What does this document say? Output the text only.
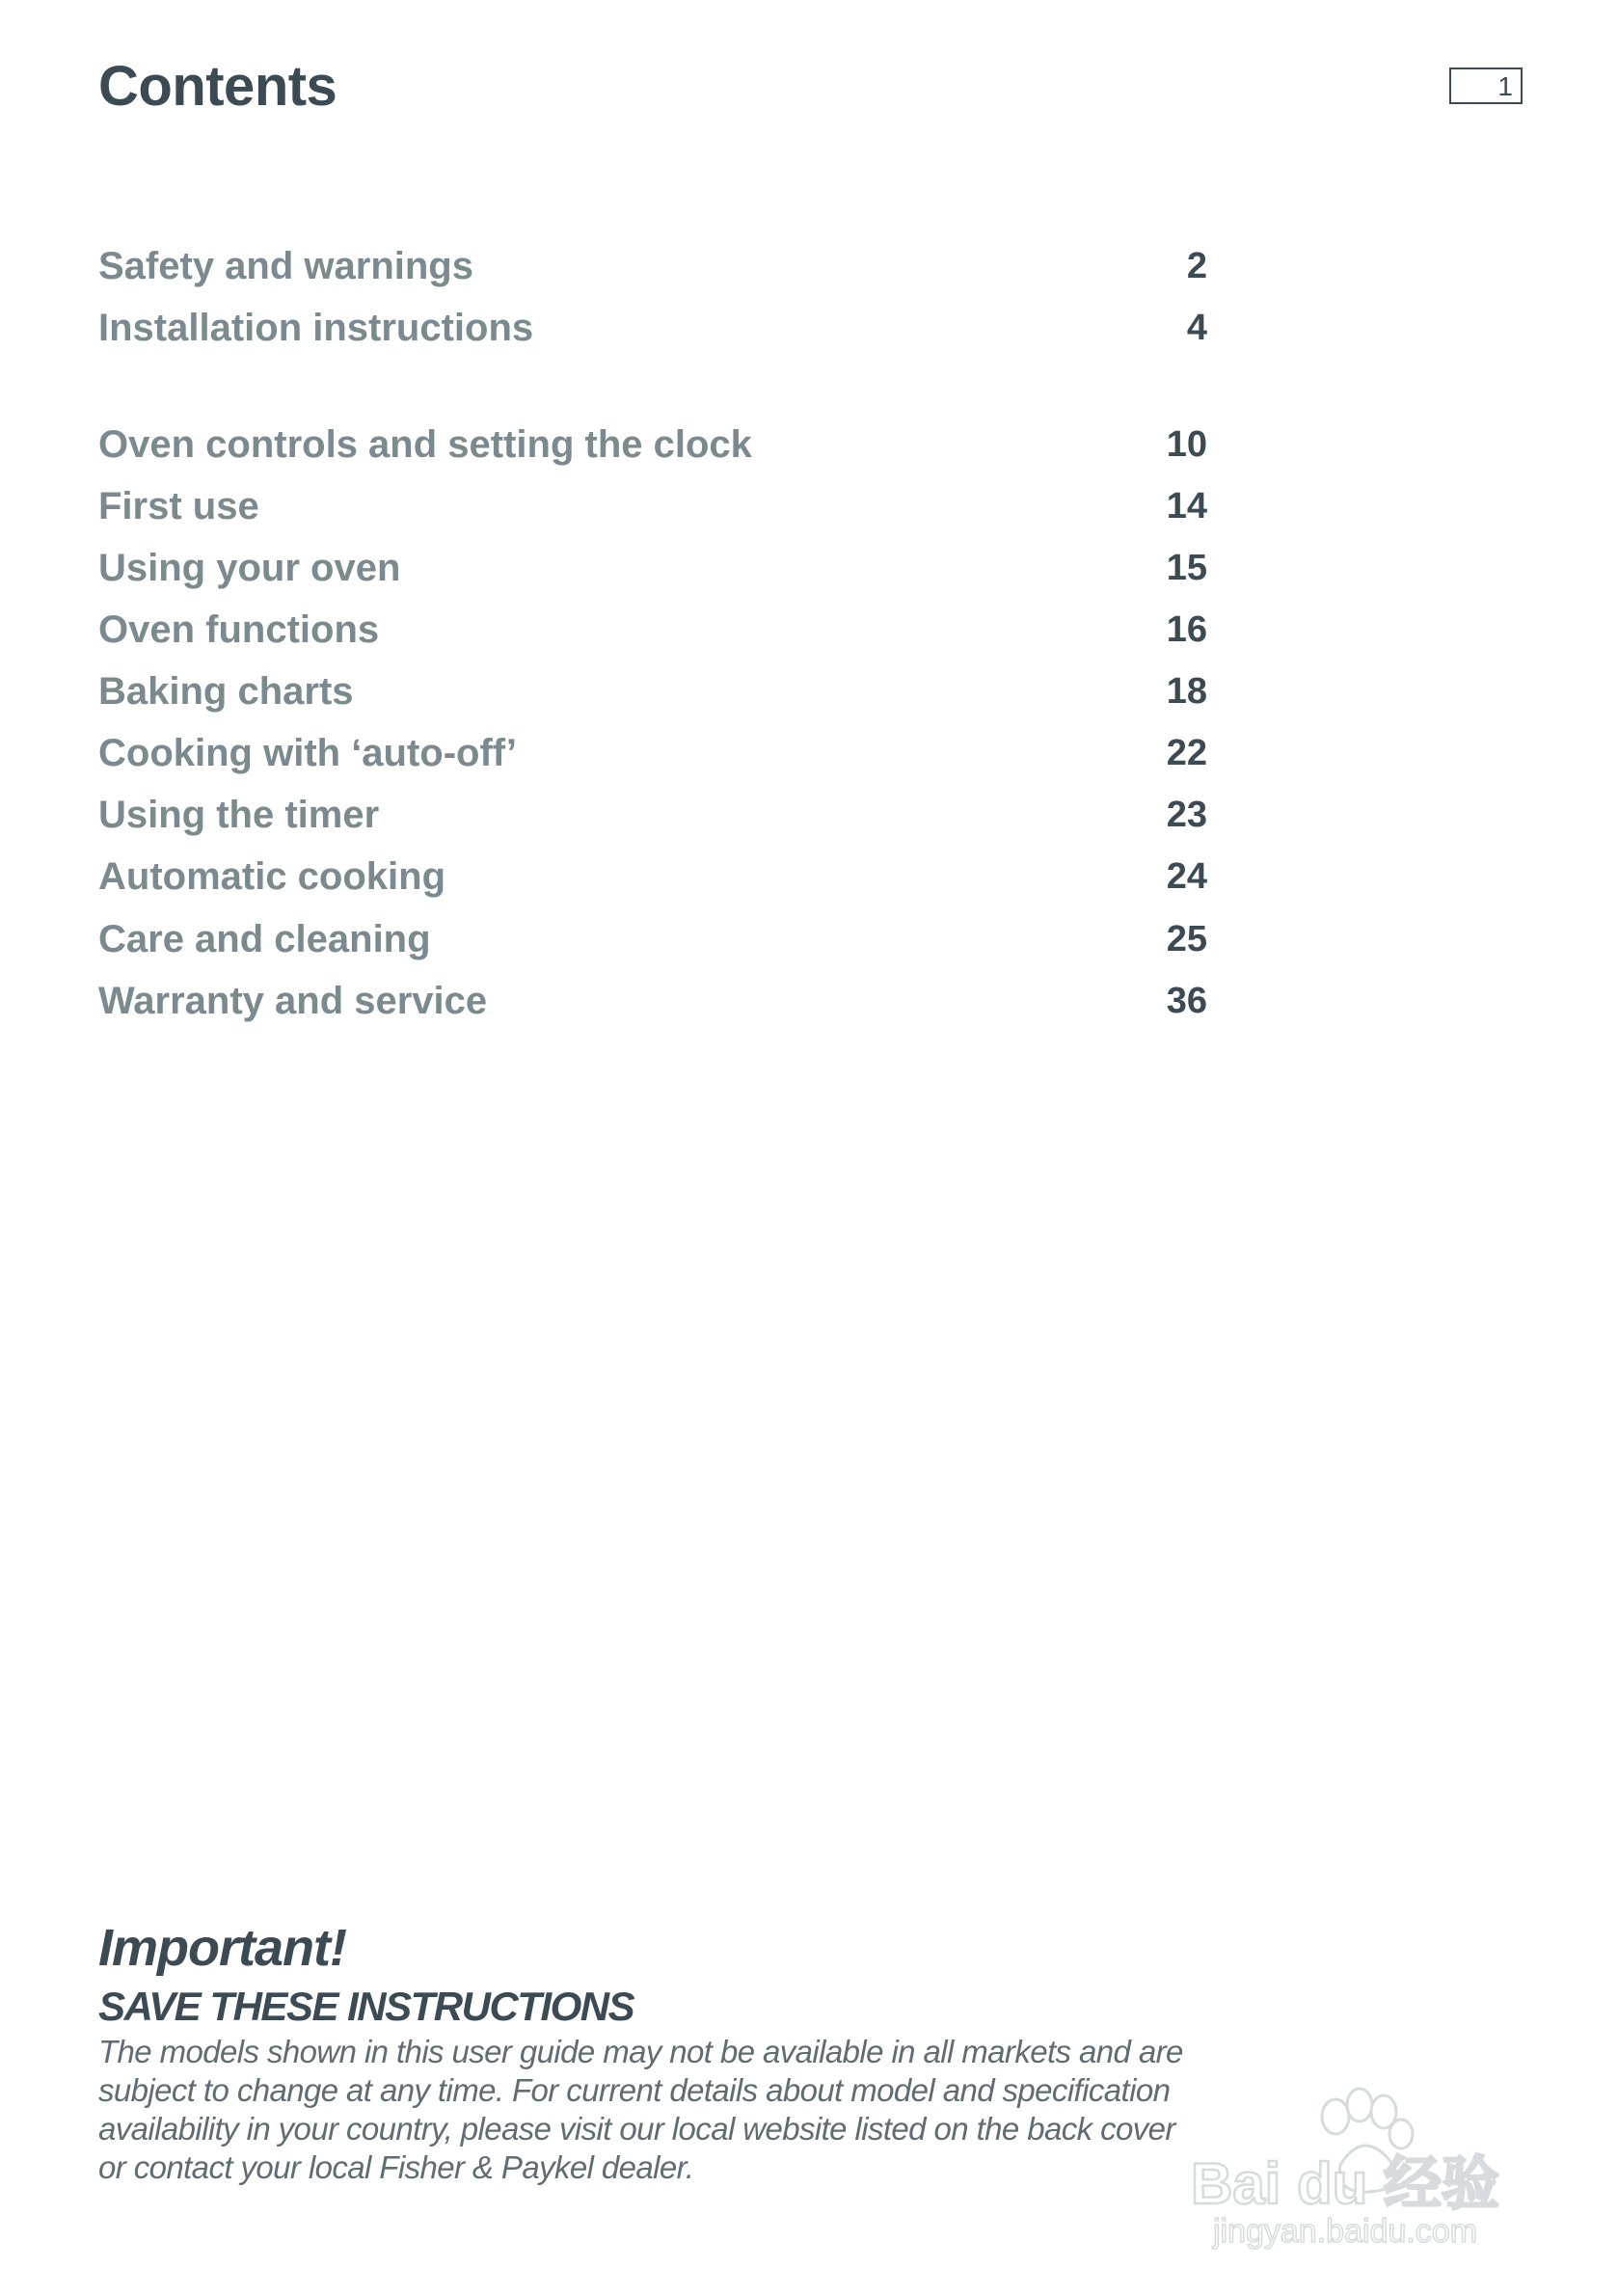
Contents	1
Safety and warnings	2
Installation instructions	4
Oven controls and setting the clock	10
First use	14
Using your oven	15
Oven functions	16
Baking charts	18
Cooking with ‘auto-off’	22
Using the timer	23
Automatic cooking	24
Care and cleaning	25
Warranty and service	36
Important!
SAVE THESE INSTRUCTIONS
The models shown in this user guide may not be available in all markets and are
subject to change at any time. For current details about model and specification
availability in your country, please visit our local website listed on the back cover
or contact your local Fisher & Paykel dealer.	Bai du 经验
jingyan.baidu.com
